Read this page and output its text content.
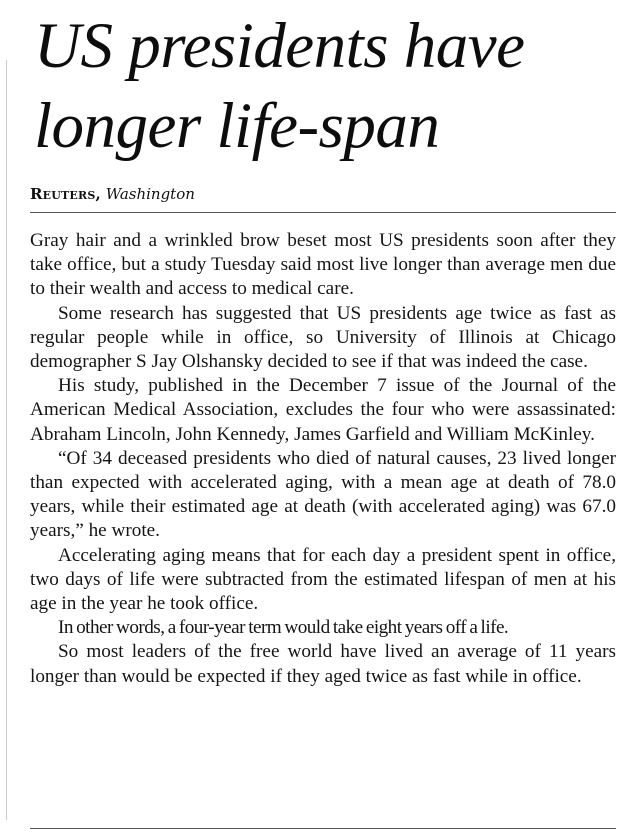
US presidents have
longer life-span
Reuters, Washington

Gray hair and a wrinkled brow beset most US presidents soon after they take office, but a study Tuesday said most live longer than average men due to their wealth and access to medical care.

Some research has suggested that US presidents age twice as fast as regular people while in office, so University of Illinois at Chicago demographer S Jay Olshansky decided to see if that was indeed the case.

His study, published in the December 7 issue of the Journal of the American Medical Association, excludes the four who were assassinated: Abraham Lincoln, John Kennedy, James Garfield and William McKinley.

“Of 34 deceased presidents who died of natural causes, 23 lived longer than expected with accelerated aging, with a mean age at death of 78.0 years, while their estimated age at death (with accelerated aging) was 67.0 years,” he wrote.

Accelerating aging means that for each day a president spent in office, two days of life were subtracted from the estimated lifespan of men at his age in the year he took office.

In other words, a four-year term would take eight years off a life.

So most leaders of the free world have lived an average of 11 years longer than would be expected if they aged twice as fast while in office.
